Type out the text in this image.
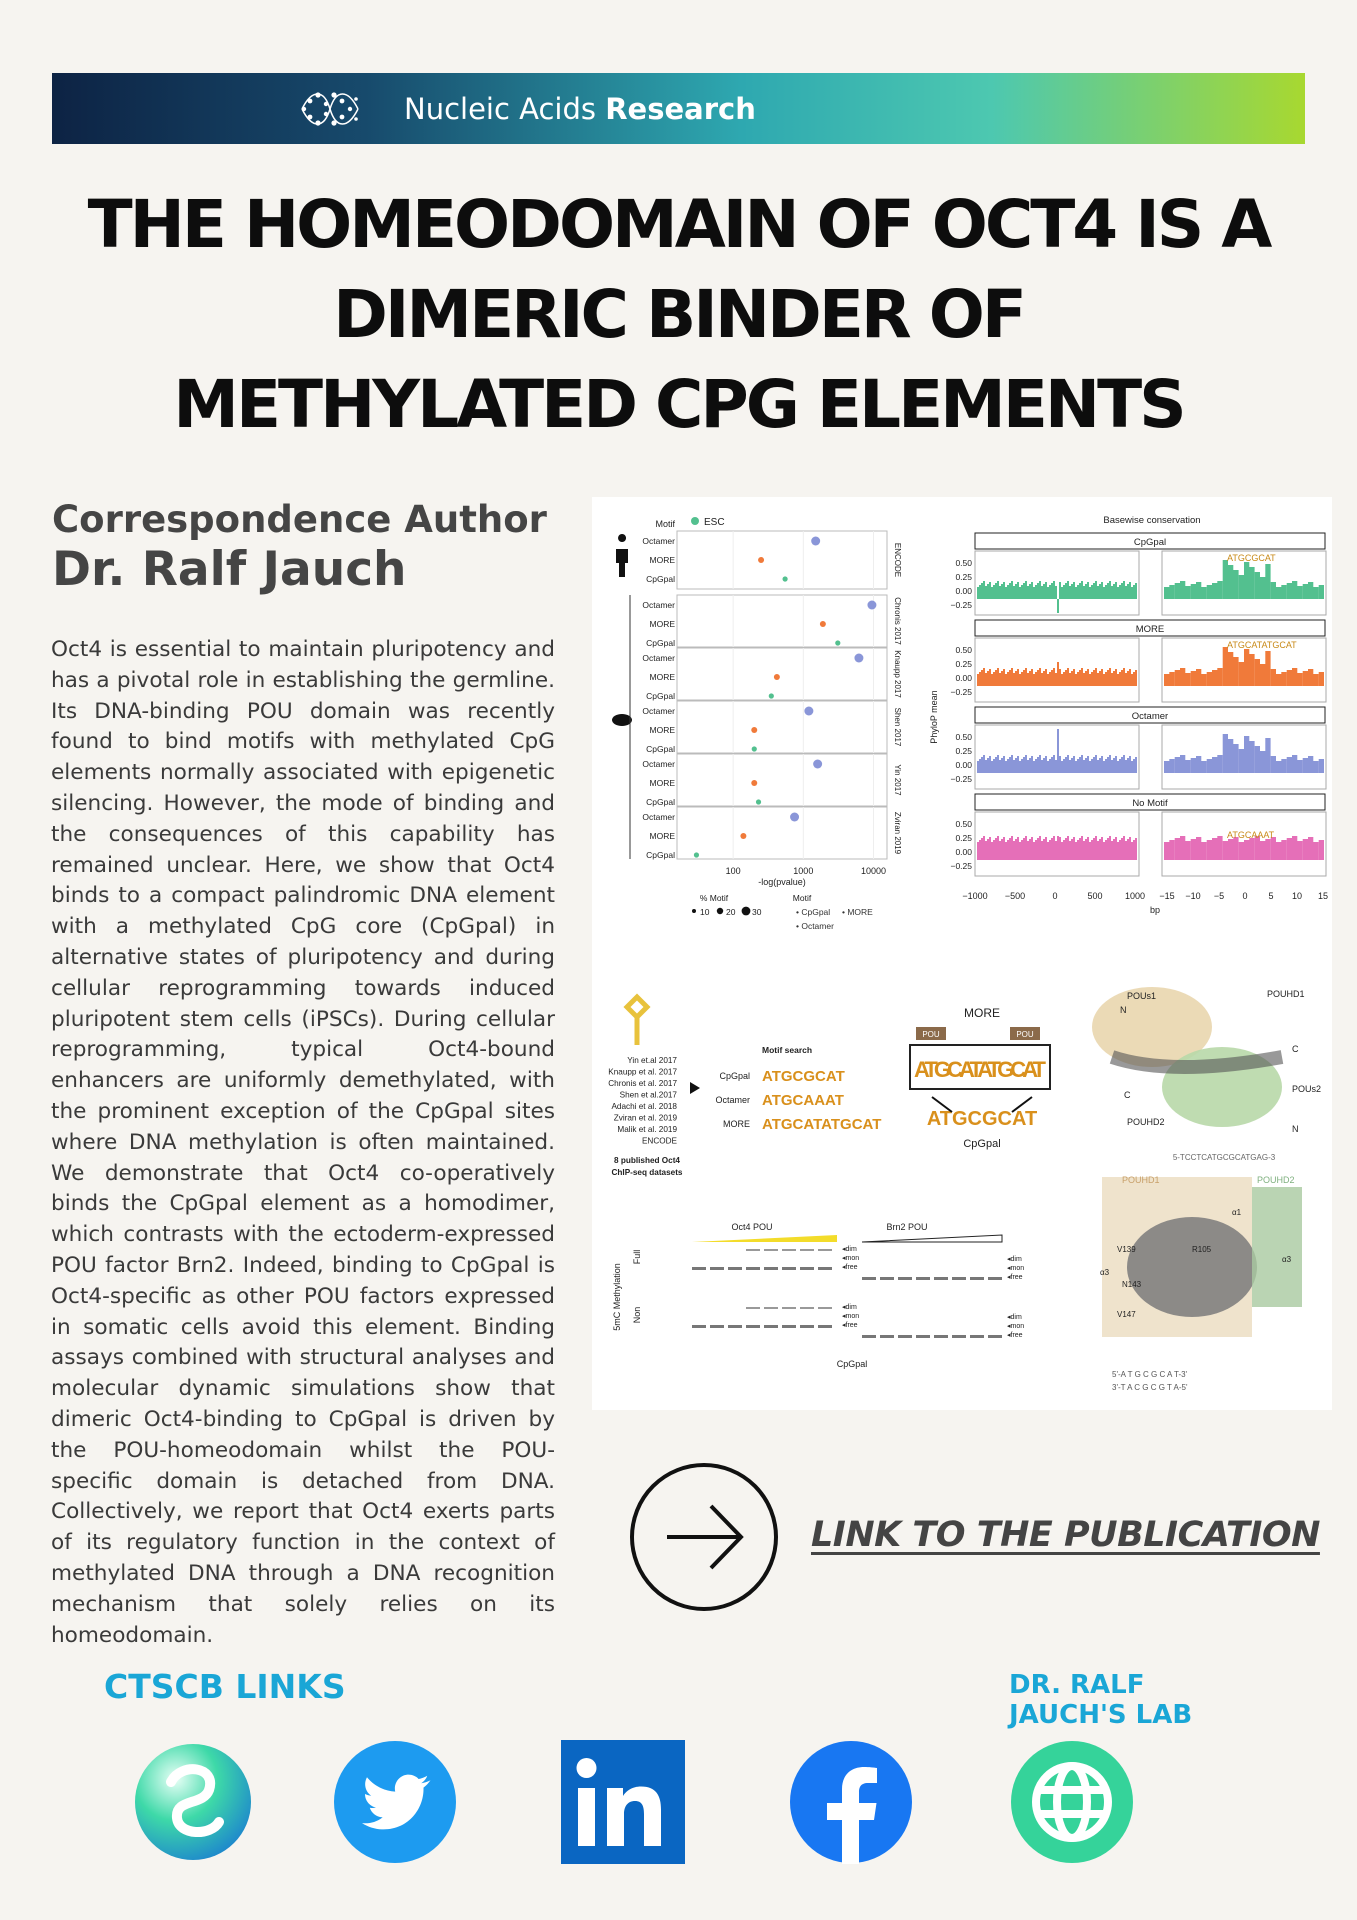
Nucleic Acids Research
THE HOMEODOMAIN OF OCT4 IS A
DIMERIC BINDER OF
METHYLATED CPG ELEMENTS
Correspondence Author
Dr. Ralf Jauch
Oct4 is essential to maintain pluripotency and has a pivotal role in establishing the germline. Its DNA-binding POU domain was recently found to bind motifs with methylated CpG elements normally associated with epigenetic silencing. However, the mode of binding and the consequences of this capability has remained unclear. Here, we show that Oct4 binds to a compact palindromic DNA element with a methylated CpG core (CpGpal) in alternative states of pluripotency and during cellular reprogramming towards induced pluripotent stem cells (iPSCs). During cellular reprogramming, typical Oct4-bound enhancers are uniformly demethylated, with the prominent exception of the CpGpal sites where DNA methylation is often maintained. We demonstrate that Oct4 co-operatively binds the CpGpal element as a homodimer, which contrasts with the ectoderm-expressed POU factor Brn2. Indeed, binding to CpGpal is Oct4-specific as other POU factors expressed in somatic cells avoid this element. Binding assays combined with structural analyses and molecular dynamic simulations show that dimeric Oct4-binding to CpGpal is driven by the POU-homeodomain whilst the POU-specific domain is detached from DNA. Collectively, we report that Oct4 exerts parts of its regulatory function in the context of methylated DNA through a DNA recognition mechanism that solely relies on its homeodomain.
ESC
Motif
Octamer
MORE
CpGpal
ENCODE
Octamer
MORE
CpGpal	Chronis 2017
Octamer
MORE
CpGpal	Knaupp 2017
Octamer
MORE
CpGpal
Shen 2017
Octamer
MORE
CpGpal
Yin 2017
Octamer
MORE
CpGpal
Zviran 2019
100	1000	10000
-log(pvalue)
% Motif
10 20 30
Motif
• CpGpal • MORE
• Octamer
Basewise conservation
CpGpal
0.50
0.25
0.00
−0.25
ATGCGCAT
MORE
0.50
0.25
0.00
−0.25
ATGCATATGCAT
Octamer
0.50
0.25
0.00
−0.25
No Motif
0.50
0.25
0.00
−0.25
ATGCAAAT
PhyloP mean
−1000 −500	0	500 1000 −15 −10 −5 0 5 10 15
bp
Yin et.al 2017
Knaupp et al. 2017
Chronis et al. 2017
Shen et al.2017
Adachi et al. 2018
Zviran et al. 2019
Malik et al. 2019
ENCODE
8 published Oct4
ChIP-seq datasets
Motif search
CpGpal ATGCGCAT
Octamer ATGCAAAT
MORE ATGCATATGCAT
MORE
POU	POU
ATGCATATGCAT
ATGCGCAT
CpGpal
POUs1
N
POUHD1
C
POUs2
C
POUHD2
N
5-TCCTCATGCGCATGAG-3
Oct4 POU	Brn2 POU
5mC Methylation
Full
◂dim
◂dim
◂mon
◂mon
◂free
◂free
Non	◂dim
◂dim
◂mon
◂mon
◂free
◂free
CpGpal
POUHD1	POUHD2
α1
α3
α3
V139	R105
N143
V147
5'-A T G C G C A T-3'
3'-T A C G C G T A-5'
LINK TO THE PUBLICATION
CTSCB LINKS	DR. RALF
JAUCH'S LAB
